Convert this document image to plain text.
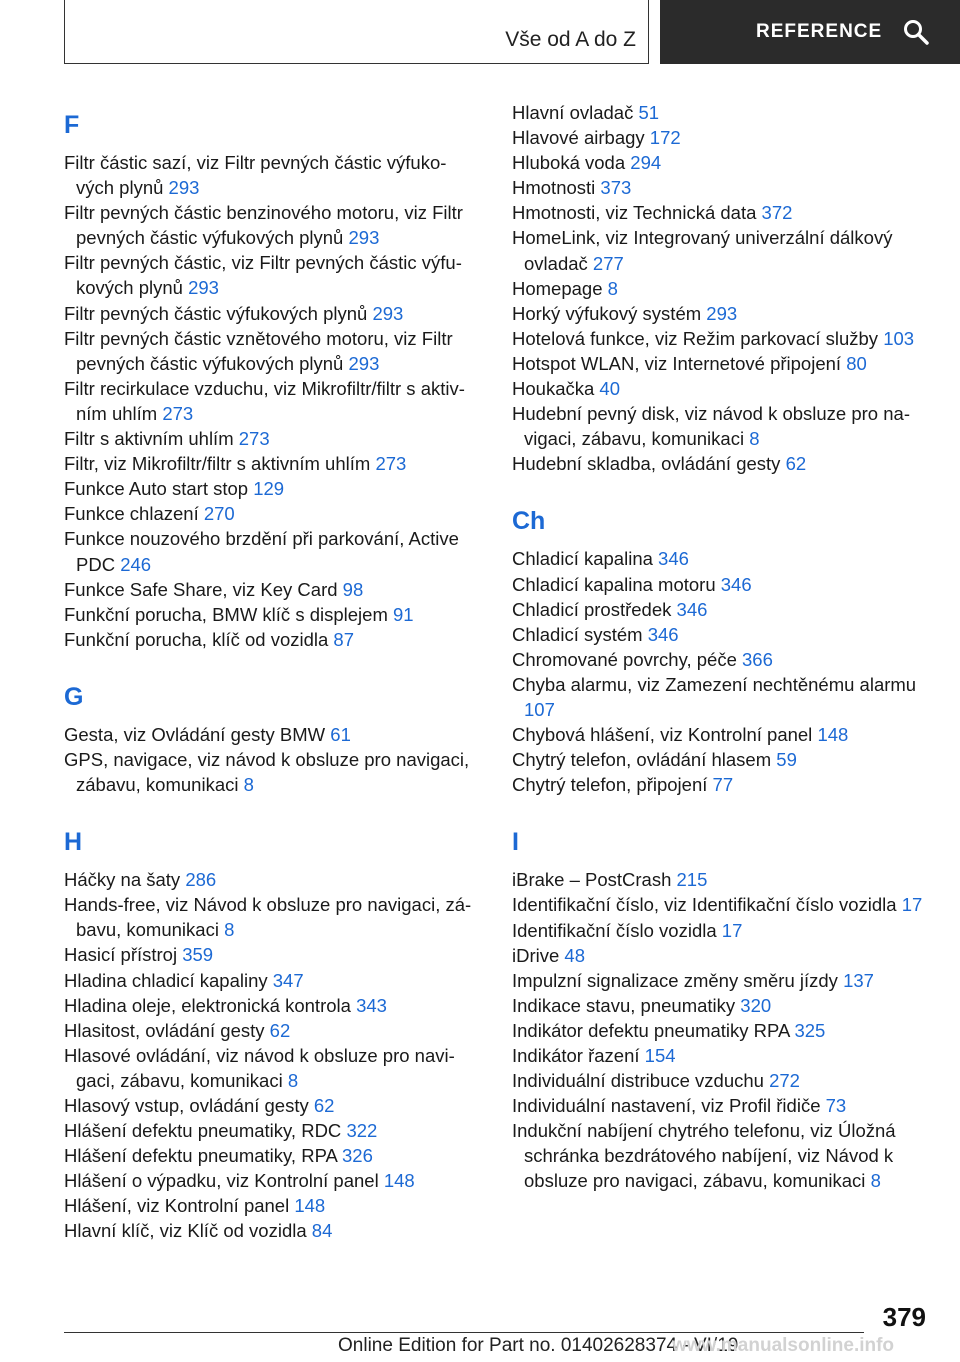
Vše od A do Z	REFERENCE
F
Filtr částic sazí, viz Filtr pevných částic výfuko-vých plynů 293
Filtr pevných částic benzinového motoru, viz Filtr pevných částic výfukových plynů 293
Filtr pevných částic, viz Filtr pevných částic výfu-kových plynů 293
Filtr pevných částic výfukových plynů 293
Filtr pevných částic vznětového motoru, viz Filtr pevných částic výfukových plynů 293
Filtr recirkulace vzduchu, viz Mikrofiltr/filtr s aktiv-ním uhlím 273
Filtr s aktivním uhlím 273
Filtr, viz Mikrofiltr/filtr s aktivním uhlím 273
Funkce Auto start stop 129
Funkce chlazení 270
Funkce nouzového brzdění při parkování, Active PDC 246
Funkce Safe Share, viz Key Card 98
Funkční porucha, BMW klíč s displejem 91
Funkční porucha, klíč od vozidla 87
G
Gesta, viz Ovládání gesty BMW 61
GPS, navigace, viz návod k obsluze pro navigaci, zábavu, komunikaci 8
H
Háčky na šaty 286
Hands-free, viz Návod k obsluze pro navigaci, zá-bavu, komunikaci 8
Hasicí přístroj 359
Hladina chladicí kapaliny 347
Hladina oleje, elektronická kontrola 343
Hlasitost, ovládání gesty 62
Hlasové ovládání, viz návod k obsluze pro navi-gaci, zábavu, komunikaci 8
Hlasový vstup, ovládání gesty 62
Hlášení defektu pneumatiky, RDC 322
Hlášení defektu pneumatiky, RPA 326
Hlášení o výpadku, viz Kontrolní panel 148
Hlášení, viz Kontrolní panel 148
Hlavní klíč, viz Klíč od vozidla 84
Hlavní ovladač 51
Hlavové airbagy 172
Hluboká voda 294
Hmotnosti 373
Hmotnosti, viz Technická data 372
HomeLink, viz Integrovaný univerzální dálkový ovladač 277
Homepage 8
Horký výfukový systém 293
Hotelová funkce, viz Režim parkovací služby 103
Hotspot WLAN, viz Internetové připojení 80
Houkačka 40
Hudební pevný disk, viz návod k obsluze pro na-vigaci, zábavu, komunikaci 8
Hudební skladba, ovládání gesty 62
Ch
Chladicí kapalina 346
Chladicí kapalina motoru 346
Chladicí prostředek 346
Chladicí systém 346
Chromované povrchy, péče 366
Chyba alarmu, viz Zamezení nechtěnému alarmu 107
Chybová hlášení, viz Kontrolní panel 148
Chytrý telefon, ovládání hlasem 59
Chytrý telefon, připojení 77
I
iBrake – PostCrash 215
Identifikační číslo, viz Identifikační číslo vozidla 17
Identifikační číslo vozidla 17
iDrive 48
Impulzní signalizace změny směru jízdy 137
Indikace stavu, pneumatiky 320
Indikátor defektu pneumatiky RPA 325
Indikátor řazení 154
Individuální distribuce vzduchu 272
Individuální nastavení, viz Profil řidiče 73
Indukční nabíjení chytrého telefonu, viz Úložná schránka bezdrátového nabíjení, viz Návod k obsluze pro navigaci, zábavu, komunikaci 8
379
Online Edition for Part no. 01402628374 - VI/19
www.manualsonline.info
